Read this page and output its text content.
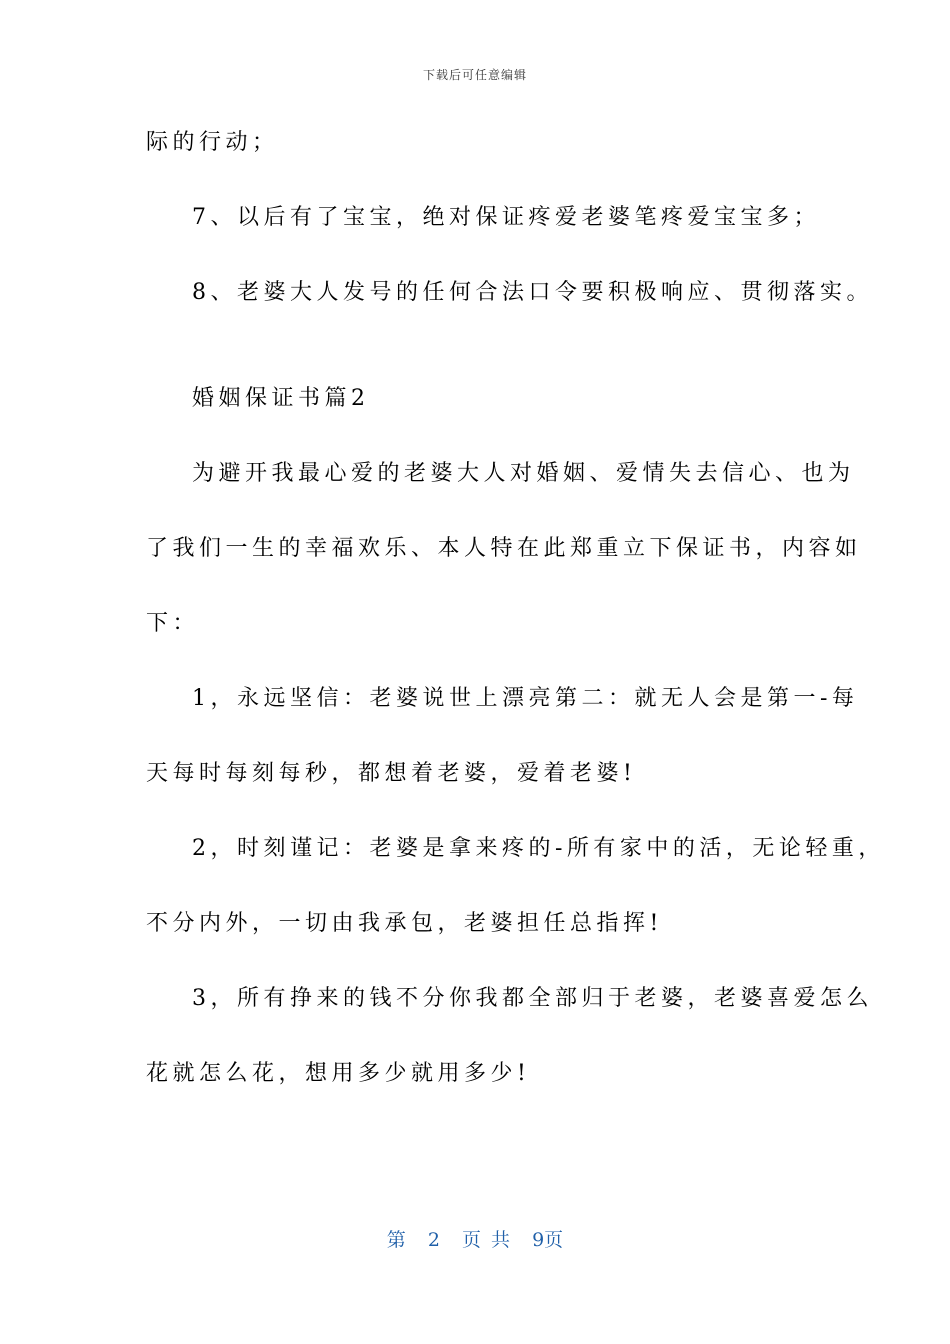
下载后可任意编辑
际的行动；
7、以后有了宝宝，绝对保证疼爱老婆笔疼爱宝宝多；
8、老婆大人发号的任何合法口令要积极响应、贯彻落实。
婚姻保证书篇2
为避开我最心爱的老婆大人对婚姻、爱情失去信心、也为
了我们一生的幸福欢乐、本人特在此郑重立下保证书，内容如
下：
1，永远坚信：老婆说世上漂亮第二：就无人会是第一-每
天每时每刻每秒，都想着老婆，爱着老婆!
2，时刻谨记：老婆是拿来疼的-所有家中的活，无论轻重，
不分内外，一切由我承包，老婆担任总指挥!
3，所有挣来的钱不分你我都全部归于老婆，老婆喜爱怎么
花就怎么花，想用多少就用多少!
第 2 页 共 9页
